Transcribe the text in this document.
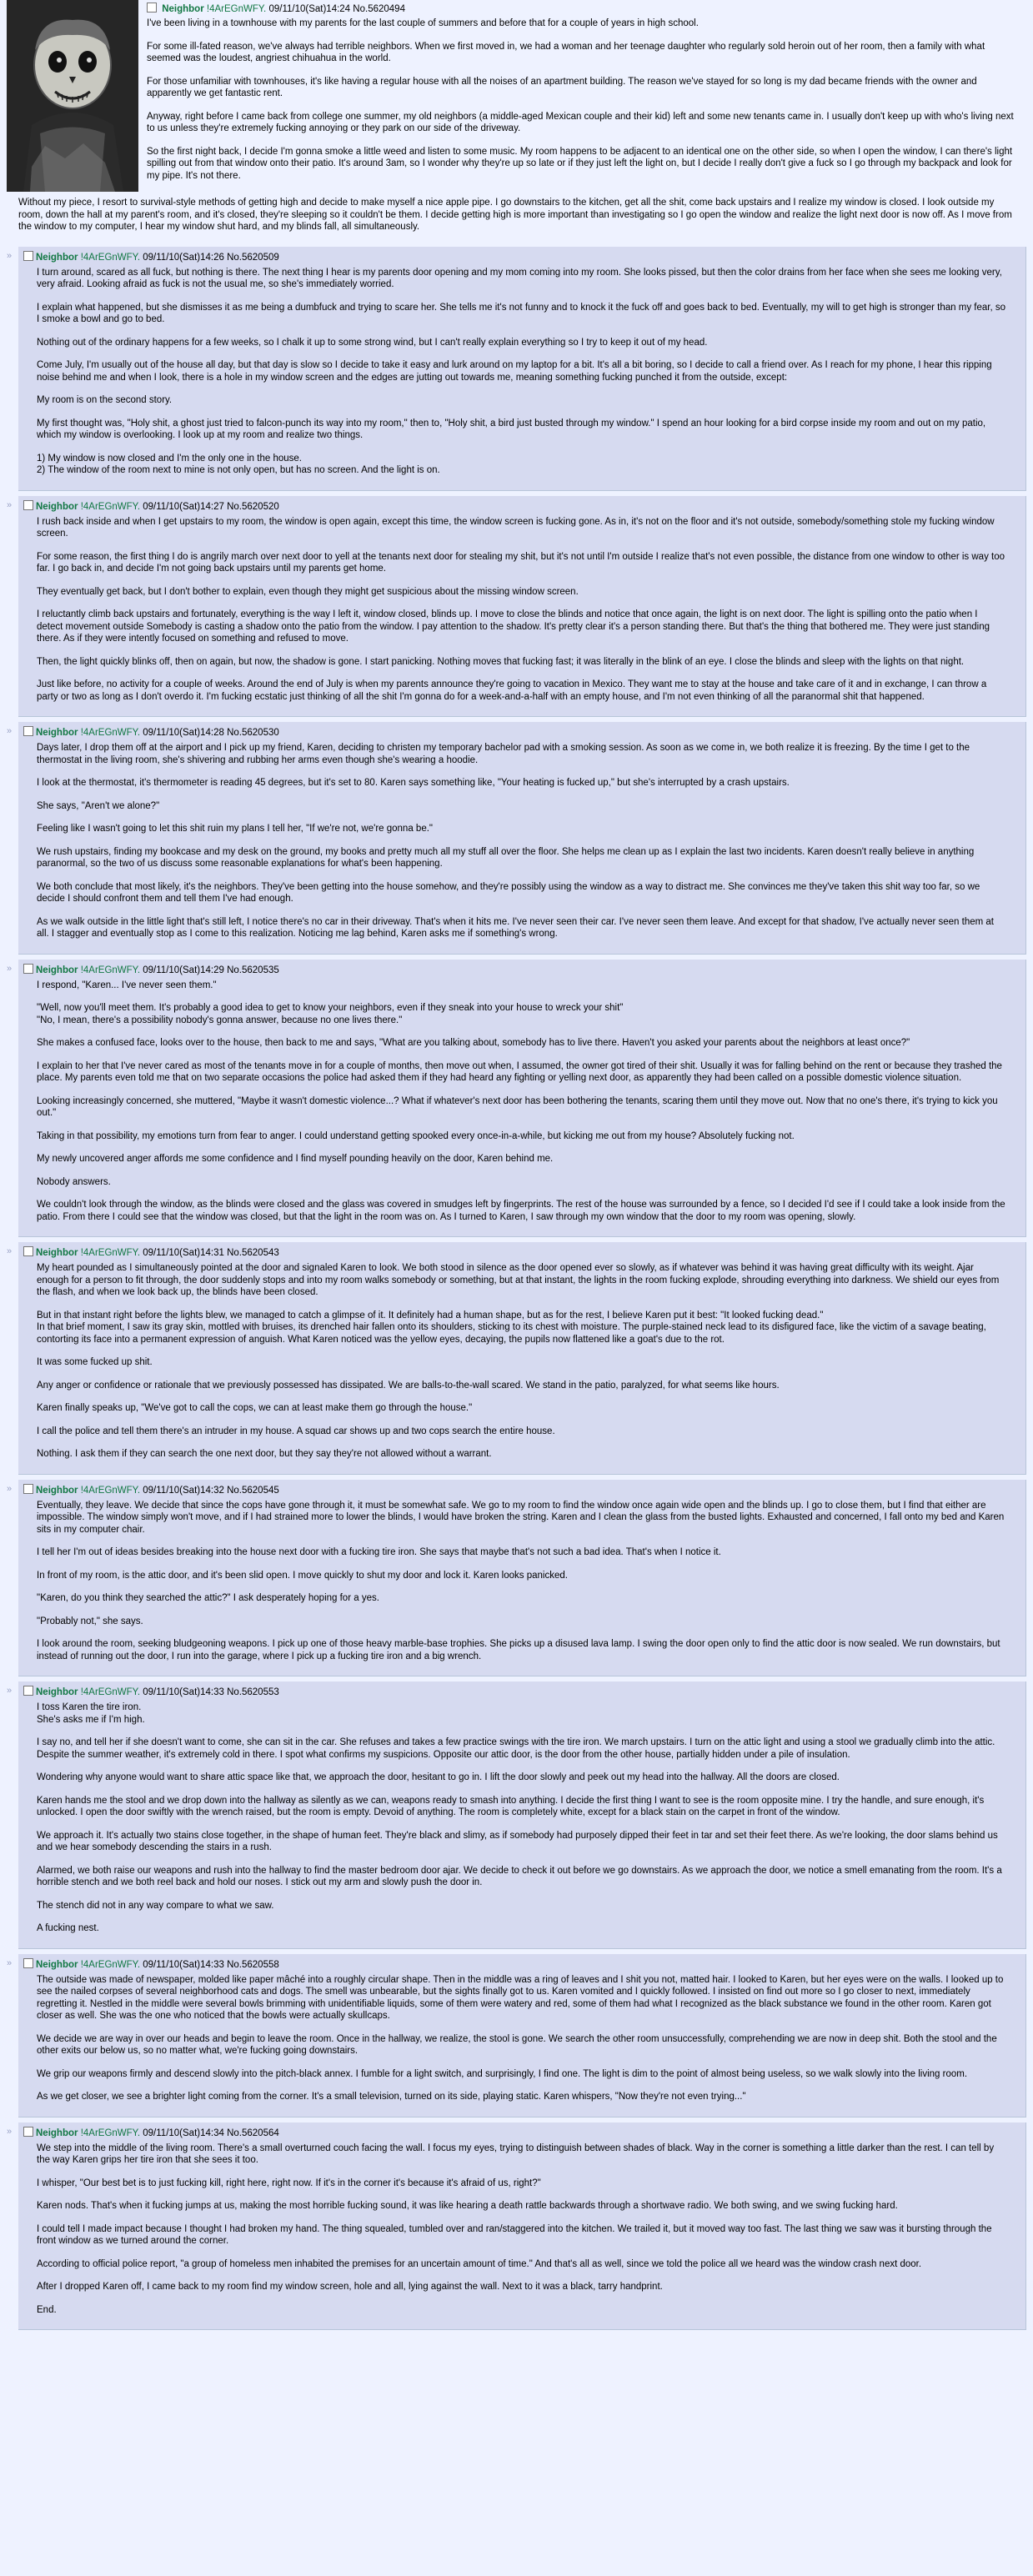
Neighbor !4ArEGnWFY. 09/11/10(Sat)14:24 No.5620494

I've been living in a townhouse with my parents for the last couple of summers and before that for a couple of years in high school.

For some ill-fated reason, we've always had terrible neighbors. When we first moved in, we had a woman and her teenage daughter who regularly sold heroin out of her room, then a family with what seemed was the loudest, angriest chihuahua in the world.

For those unfamiliar with townhouses, it's like having a regular house with all the noises of an apartment building. The reason we've stayed for so long is my dad became friends with the owner and apparently we get fantastic rent.

Anyway, right before I came back from college one summer, my old neighbors (a middle-aged Mexican couple and their kid) left and some new tenants came in. I usually don't keep up with who's living next to us unless they're extremely fucking annoying or they park on our side of the driveway.

So the first night back, I decide I'm gonna smoke a little weed and listen to some music. My room happens to be adjacent to an identical one on the other side, so when I open the window, I can there's light spilling out from that window onto their patio. It's around 3am, so I wonder why they're up so late or if they just left the light on, but I decide I really don't give a fuck so I go through my backpack and look for my pipe. It's not there.

Without my piece, I resort to survival-style methods of getting high and decide to make myself a nice apple pipe. I go downstairs to the kitchen, get all the shit, come back upstairs and I realize my window is closed. I look outside my room, down the hall at my parent's room, and it's closed, they're sleeping so it couldn't be them. I decide getting high is more important than investigating so I go open the window and realize the light next door is now off. As I move from the window to my computer, I hear my window shut hard, and my blinds fall, all simultaneously.

»	Neighbor !4ArEGnWFY. 09/11/10(Sat)14:26 No.5620509

I turn around, scared as all fuck, but nothing is there. The next thing I hear is my parents door opening and my mom coming into my room. She looks pissed, but then the color drains from her face when she sees me looking very, very afraid. Looking afraid as fuck is not the usual me, so she's immediately worried.

I explain what happened, but she dismisses it as me being a dumbfuck and trying to scare her. She tells me it's not funny and to knock it the fuck off and goes back to bed. Eventually, my will to get high is stronger than my fear, so I smoke a bowl and go to bed.

Nothing out of the ordinary happens for a few weeks, so I chalk it up to some strong wind, but I can't really explain everything so I try to keep it out of my head.

Come July, I'm usually out of the house all day, but that day is slow so I decide to take it easy and lurk around on my laptop for a bit. It's all a bit boring, so I decide to call a friend over. As I reach for my phone, I hear this ripping noise behind me and when I look, there is a hole in my window screen and the edges are jutting out towards me, meaning something fucking punched it from the outside, except:

My room is on the second story.

My first thought was, "Holy shit, a ghost just tried to falcon-punch its way into my room," then to, "Holy shit, a bird just busted through my window." I spend an hour looking for a bird corpse inside my room and out on my patio, which my window is overlooking. I look up at my room and realize two things.

1) My window is now closed and I'm the only one in the house.
2) The window of the room next to mine is not only open, but has no screen. And the light is on.

»	Neighbor !4ArEGnWFY. 09/11/10(Sat)14:27 No.5620520

I rush back inside and when I get upstairs to my room, the window is open again, except this time, the window screen is fucking gone. As in, it's not on the floor and it's not outside, somebody/something stole my fucking window screen.

For some reason, the first thing I do is angrily march over next door to yell at the tenants next door for stealing my shit, but it's not until I'm outside I realize that's not even possible, the distance from one window to other is way too far. I go back in, and decide I'm not going back upstairs until my parents get home.

They eventually get back, but I don't bother to explain, even though they might get suspicious about the missing window screen.

I reluctantly climb back upstairs and fortunately, everything is the way I left it, window closed, blinds up. I move to close the blinds and notice that once again, the light is on next door. The light is spilling onto the patio when I detect movement outside Somebody is casting a shadow onto the patio from the window. I pay attention to the shadow. It's pretty clear it's a person standing there. But that's the thing that bothered me. They were just standing there. As if they were intently focused on something and refused to move.

Then, the light quickly blinks off, then on again, but now, the shadow is gone. I start panicking. Nothing moves that fucking fast; it was literally in the blink of an eye. I close the blinds and sleep with the lights on that night.

Just like before, no activity for a couple of weeks. Around the end of July is when my parents announce they're going to vacation in Mexico. They want me to stay at the house and take care of it and in exchange, I can throw a party or two as long as I don't overdo it. I'm fucking ecstatic just thinking of all the shit I'm gonna do for a week-and-a-half with an empty house, and I'm not even thinking of all the paranormal shit that happened.

»	Neighbor !4ArEGnWFY. 09/11/10(Sat)14:28 No.5620530

Days later, I drop them off at the airport and I pick up my friend, Karen, deciding to christen my temporary bachelor pad with a smoking session. As soon as we come in, we both realize it is freezing. By the time I get to the thermostat in the living room, she's shivering and rubbing her arms even though she's wearing a hoodie.

I look at the thermostat, it's thermometer is reading 45 degrees, but it's set to 80. Karen says something like, "Your heating is fucked up," but she's interrupted by a crash upstairs.

She says, "Aren't we alone?"

Feeling like I wasn't going to let this shit ruin my plans I tell her, "If we're not, we're gonna be."

We rush upstairs, finding my bookcase and my desk on the ground, my books and pretty much all my stuff all over the floor. She helps me clean up as I explain the last two incidents. Karen doesn't really believe in anything paranormal, so the two of us discuss some reasonable explanations for what's been happening.

We both conclude that most likely, it's the neighbors. They've been getting into the house somehow, and they're possibly using the window as a way to distract me. She convinces me they've taken this shit way too far, so we decide I should confront them and tell them I've had enough.

As we walk outside in the little light that's still left, I notice there's no car in their driveway. That's when it hits me. I've never seen their car. I've never seen them leave. And except for that shadow, I've actually never seen them at all. I stagger and eventually stop as I come to this realization. Noticing me lag behind, Karen asks me if something's wrong.

»	Neighbor !4ArEGnWFY. 09/11/10(Sat)14:29 No.5620535

I respond, "Karen... I've never seen them."

"Well, now you'll meet them. It's probably a good idea to get to know your neighbors, even if they sneak into your house to wreck your shit"
"No, I mean, there's a possibility nobody's gonna answer, because no one lives there."

She makes a confused face, looks over to the house, then back to me and says, "What are you talking about, somebody has to live there. Haven't you asked your parents about the neighbors at least once?"

I explain to her that I've never cared as most of the tenants move in for a couple of months, then move out when, I assumed, the owner got tired of their shit. Usually it was for falling behind on the rent or because they trashed the place. My parents even told me that on two separate occasions the police had asked them if they had heard any fighting or yelling next door, as apparently they had been called on a possible domestic violence situation.

Looking increasingly concerned, she muttered, "Maybe it wasn't domestic violence...? What if whatever's next door has been bothering the tenants, scaring them until they move out. Now that no one's there, it's trying to kick you out."

Taking in that possibility, my emotions turn from fear to anger. I could understand getting spooked every once-in-a-while, but kicking me out from my house? Absolutely fucking not.

My newly uncovered anger affords me some confidence and I find myself pounding heavily on the door, Karen behind me.

Nobody answers.

We couldn't look through the window, as the blinds were closed and the glass was covered in smudges left by fingerprints. The rest of the house was surrounded by a fence, so I decided I'd see if I could take a look inside from the patio. From there I could see that the window was closed, but that the light in the room was on. As I turned to Karen, I saw through my own window that the door to my room was opening, slowly.

»	Neighbor !4ArEGnWFY. 09/11/10(Sat)14:31 No.5620543

My heart pounded as I simultaneously pointed at the door and signaled Karen to look. We both stood in silence as the door opened ever so slowly, as if whatever was behind it was having great difficulty with its weight. Ajar enough for a person to fit through, the door suddenly stops and into my room walks somebody or something, but at that instant, the lights in the room fucking explode, shrouding everything into darkness. We shield our eyes from the flash, and when we look back up, the blinds have been closed.

But in that instant right before the lights blew, we managed to catch a glimpse of it. It definitely had a human shape, but as for the rest, I believe Karen put it best: "It looked fucking dead."
In that brief moment, I saw its gray skin, mottled with bruises, its drenched hair fallen onto its shoulders, sticking to its chest with moisture. The purple-stained neck lead to its disfigured face, like the victim of a savage beating, contorting its face into a permanent expression of anguish. What Karen noticed was the yellow eyes, decaying, the pupils now flattened like a goat's due to the rot.

It was some fucked up shit.

Any anger or confidence or rationale that we previously possessed has dissipated. We are balls-to-the-wall scared. We stand in the patio, paralyzed, for what seems like hours.

Karen finally speaks up, "We've got to call the cops, we can at least make them go through the house."

I call the police and tell them there's an intruder in my house. A squad car shows up and two cops search the entire house.

Nothing. I ask them if they can search the one next door, but they say they're not allowed without a warrant.

»	Neighbor !4ArEGnWFY. 09/11/10(Sat)14:32 No.5620545

Eventually, they leave. We decide that since the cops have gone through it, it must be somewhat safe. We go to my room to find the window once again wide open and the blinds up. I go to close them, but I find that either are impossible. The window simply won't move, and if I had strained more to lower the blinds, I would have broken the string. Karen and I clean the glass from the busted lights. Exhausted and concerned, I fall onto my bed and Karen sits in my computer chair.

I tell her I'm out of ideas besides breaking into the house next door with a fucking tire iron. She says that maybe that's not such a bad idea. That's when I notice it.

In front of my room, is the attic door, and it's been slid open. I move quickly to shut my door and lock it. Karen looks panicked.

"Karen, do you think they searched the attic?" I ask desperately hoping for a yes.

"Probably not," she says.

I look around the room, seeking bludgeoning weapons. I pick up one of those heavy marble-base trophies. She picks up a disused lava lamp. I swing the door open only to find the attic door is now sealed. We run downstairs, but instead of running out the door, I run into the garage, where I pick up a fucking tire iron and a big wrench.

»	Neighbor !4ArEGnWFY. 09/11/10(Sat)14:33 No.5620553

I toss Karen the tire iron.
She's asks me if I'm high.

I say no, and tell her if she doesn't want to come, she can sit in the car. She refuses and takes a few practice swings with the tire iron. We march upstairs. I turn on the attic light and using a stool we gradually climb into the attic. Despite the summer weather, it's extremely cold in there. I spot what confirms my suspicions. Opposite our attic door, is the door from the other house, partially hidden under a pile of insulation.

Wondering why anyone would want to share attic space like that, we approach the door, hesitant to go in. I lift the door slowly and peek out my head into the hallway. All the doors are closed.

Karen hands me the stool and we drop down into the hallway as silently as we can, weapons ready to smash into anything. I decide the first thing I want to see is the room opposite mine. I try the handle, and sure enough, it's unlocked. I open the door swiftly with the wrench raised, but the room is empty. Devoid of anything. The room is completely white, except for a black stain on the carpet in front of the window.

We approach it. It's actually two stains close together, in the shape of human feet. They're black and slimy, as if somebody had purposely dipped their feet in tar and set their feet there. As we're looking, the door slams behind us and we hear somebody descending the stairs in a rush.

Alarmed, we both raise our weapons and rush into the hallway to find the master bedroom door ajar. We decide to check it out before we go downstairs. As we approach the door, we notice a smell emanating from the room. It's a horrible stench and we both reel back and hold our noses. I stick out my arm and slowly push the door in.

The stench did not in any way compare to what we saw.

A fucking nest.

»	Neighbor !4ArEGnWFY. 09/11/10(Sat)14:33 No.5620558

The outside was made of newspaper, molded like paper mâché into a roughly circular shape. Then in the middle was a ring of leaves and I shit you not, matted hair. I looked to Karen, but her eyes were on the walls. I looked up to see the nailed corpses of several neighborhood cats and dogs. The smell was unbearable, but the sights finally got to us. Karen vomited and I quickly followed. I insisted on find out more so I go closer to next, immediately regretting it. Nestled in the middle were several bowls brimming with unidentifiable liquids, some of them were watery and red, some of them had what I recognized as the black substance we found in the other room. Karen got closer as well. She was the one who noticed that the bowls were actually skullcaps.

We decide we are way in over our heads and begin to leave the room. Once in the hallway, we realize, the stool is gone. We search the other room unsuccessfully, comprehending we are now in deep shit. Both the stool and the other exits our below us, so no matter what, we're fucking going downstairs.

We grip our weapons firmly and descend slowly into the pitch-black annex. I fumble for a light switch, and surprisingly, I find one. The light is dim to the point of almost being useless, so we walk slowly into the living room.

As we get closer, we see a brighter light coming from the corner. It's a small television, turned on its side, playing static. Karen whispers, "Now they're not even trying..."

»	Neighbor !4ArEGnWFY. 09/11/10(Sat)14:34 No.5620564

We step into the middle of the living room. There's a small overturned couch facing the wall. I focus my eyes, trying to distinguish between shades of black. Way in the corner is something a little darker than the rest. I can tell by the way Karen grips her tire iron that she sees it too.

I whisper, "Our best bet is to just fucking kill, right here, right now. If it's in the corner it's because it's afraid of us, right?"

Karen nods. That's when it fucking jumps at us, making the most horrible fucking sound, it was like hearing a death rattle backwards through a shortwave radio. We both swing, and we swing fucking hard.

I could tell I made impact because I thought I had broken my hand. The thing squealed, tumbled over and ran/staggered into the kitchen. We trailed it, but it moved way too fast. The last thing we saw was it bursting through the front window as we turned around the corner.

According to official police report, "a group of homeless men inhabited the premises for an uncertain amount of time." And that's all as well, since we told the police all we heard was the window crash next door.

After I dropped Karen off, I came back to my room find my window screen, hole and all, lying against the wall. Next to it was a black, tarry handprint.

End.
